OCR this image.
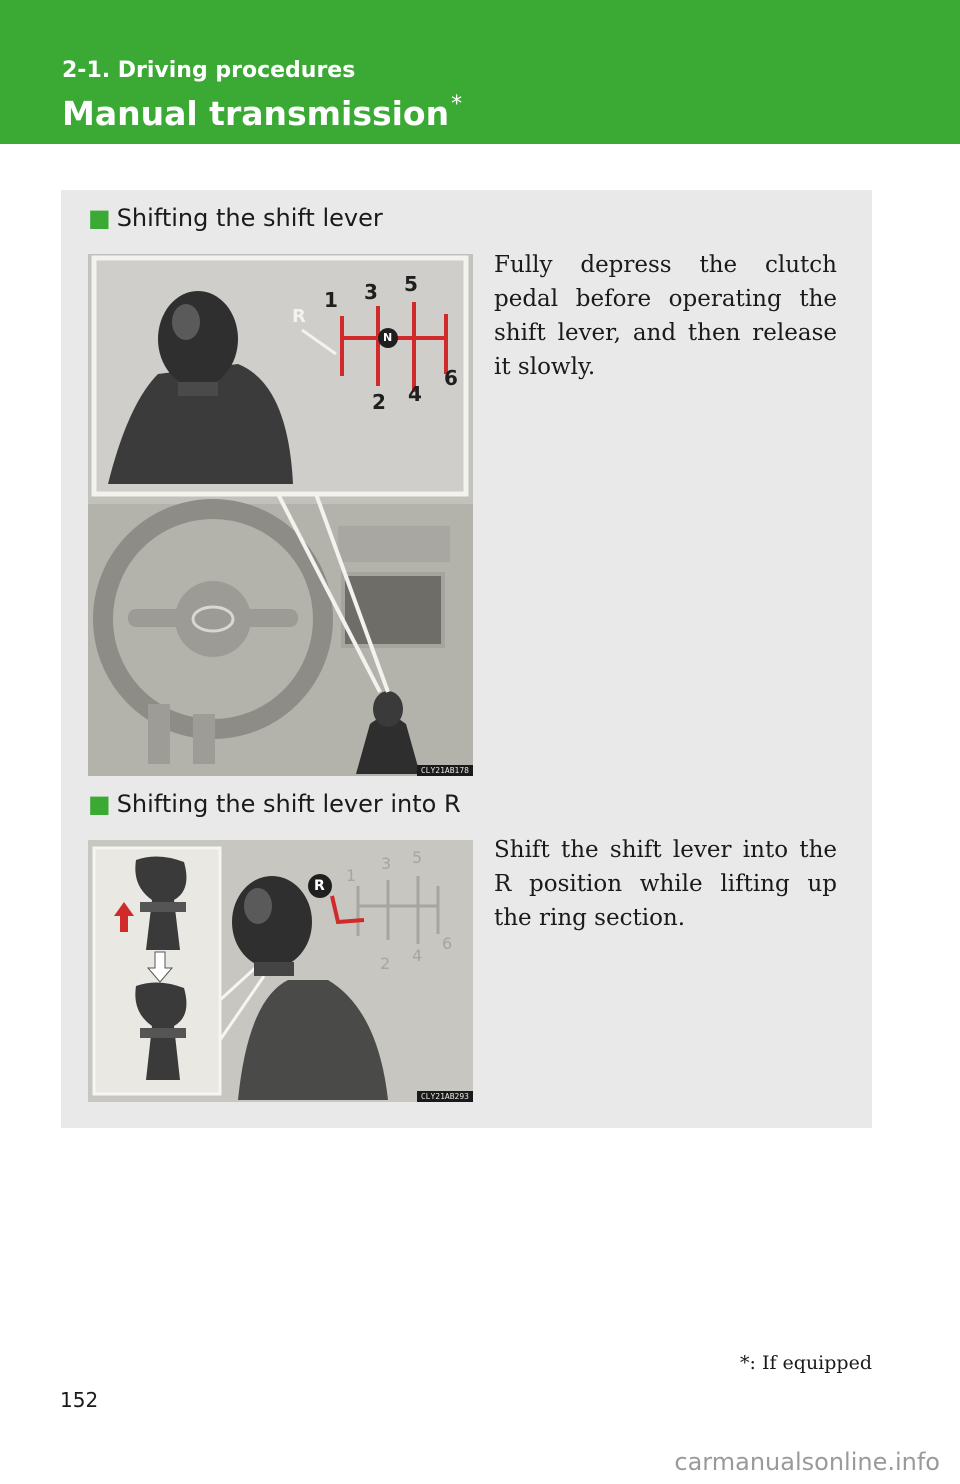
2-1. Driving procedures
Manual transmission*
■ Shifting the shift lever
R
1 3 5
N
2 4
6
CLY21AB178
Fully depress the clutch pedal before operating the shift lever, and then release it slowly.
■ Shifting the shift lever into R
R
1
3 5
2 4
6
CLY21AB293
Shift the shift lever into the R position while lifting up the ring section.
*: If equipped
152
carmanualsonline.info
